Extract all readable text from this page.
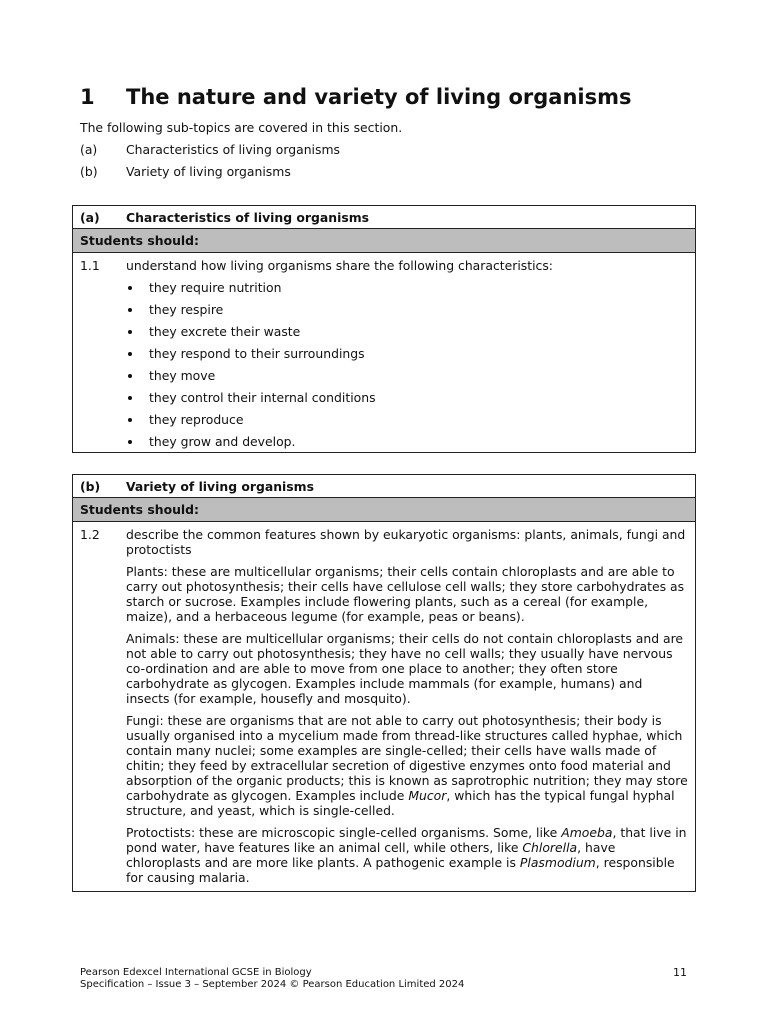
1 The nature and variety of living organisms

The following sub-topics are covered in this section.

(a)	Characteristics of living organisms
(b)	Variety of living organisms
(a)	Characteristics of living organisms
Students should:
1.1	understand how living organisms share the following characteristics:
they require nutrition
they respire
they excrete their waste
they respond to their surroundings
they move
they control their internal conditions
they reproduce
they grow and develop.
(b)	Variety of living organisms
Students should:
1.2	describe the common features shown by eukaryotic organisms: plants, animals, fungi and protoctists

Plants: these are multicellular organisms; their cells contain chloroplasts and are able to carry out photosynthesis; their cells have cellulose cell walls; they store carbohydrates as starch or sucrose. Examples include flowering plants, such as a cereal (for example, maize), and a herbaceous legume (for example, peas or beans).

Animals: these are multicellular organisms; their cells do not contain chloroplasts and are not able to carry out photosynthesis; they have no cell walls; they usually have nervous co-ordination and are able to move from one place to another; they often store carbohydrate as glycogen. Examples include mammals (for example, humans) and insects (for example, housefly and mosquito).

Fungi: these are organisms that are not able to carry out photosynthesis; their body is usually organised into a mycelium made from thread-like structures called hyphae, which contain many nuclei; some examples are single-celled; their cells have walls made of chitin; they feed by extracellular secretion of digestive enzymes onto food material and absorption of the organic products; this is known as saprotrophic nutrition; they may store carbohydrate as glycogen. Examples include Mucor, which has the typical fungal hyphal structure, and yeast, which is single-celled.

Protoctists: these are microscopic single-celled organisms. Some, like Amoeba, that live in pond water, have features like an animal cell, while others, like Chlorella, have chloroplasts and are more like plants. A pathogenic example is Plasmodium, responsible for causing malaria.

Pearson Edexcel International GCSE in Biology
Specification – Issue 3 – September 2024 © Pearson Education Limited 2024
11
